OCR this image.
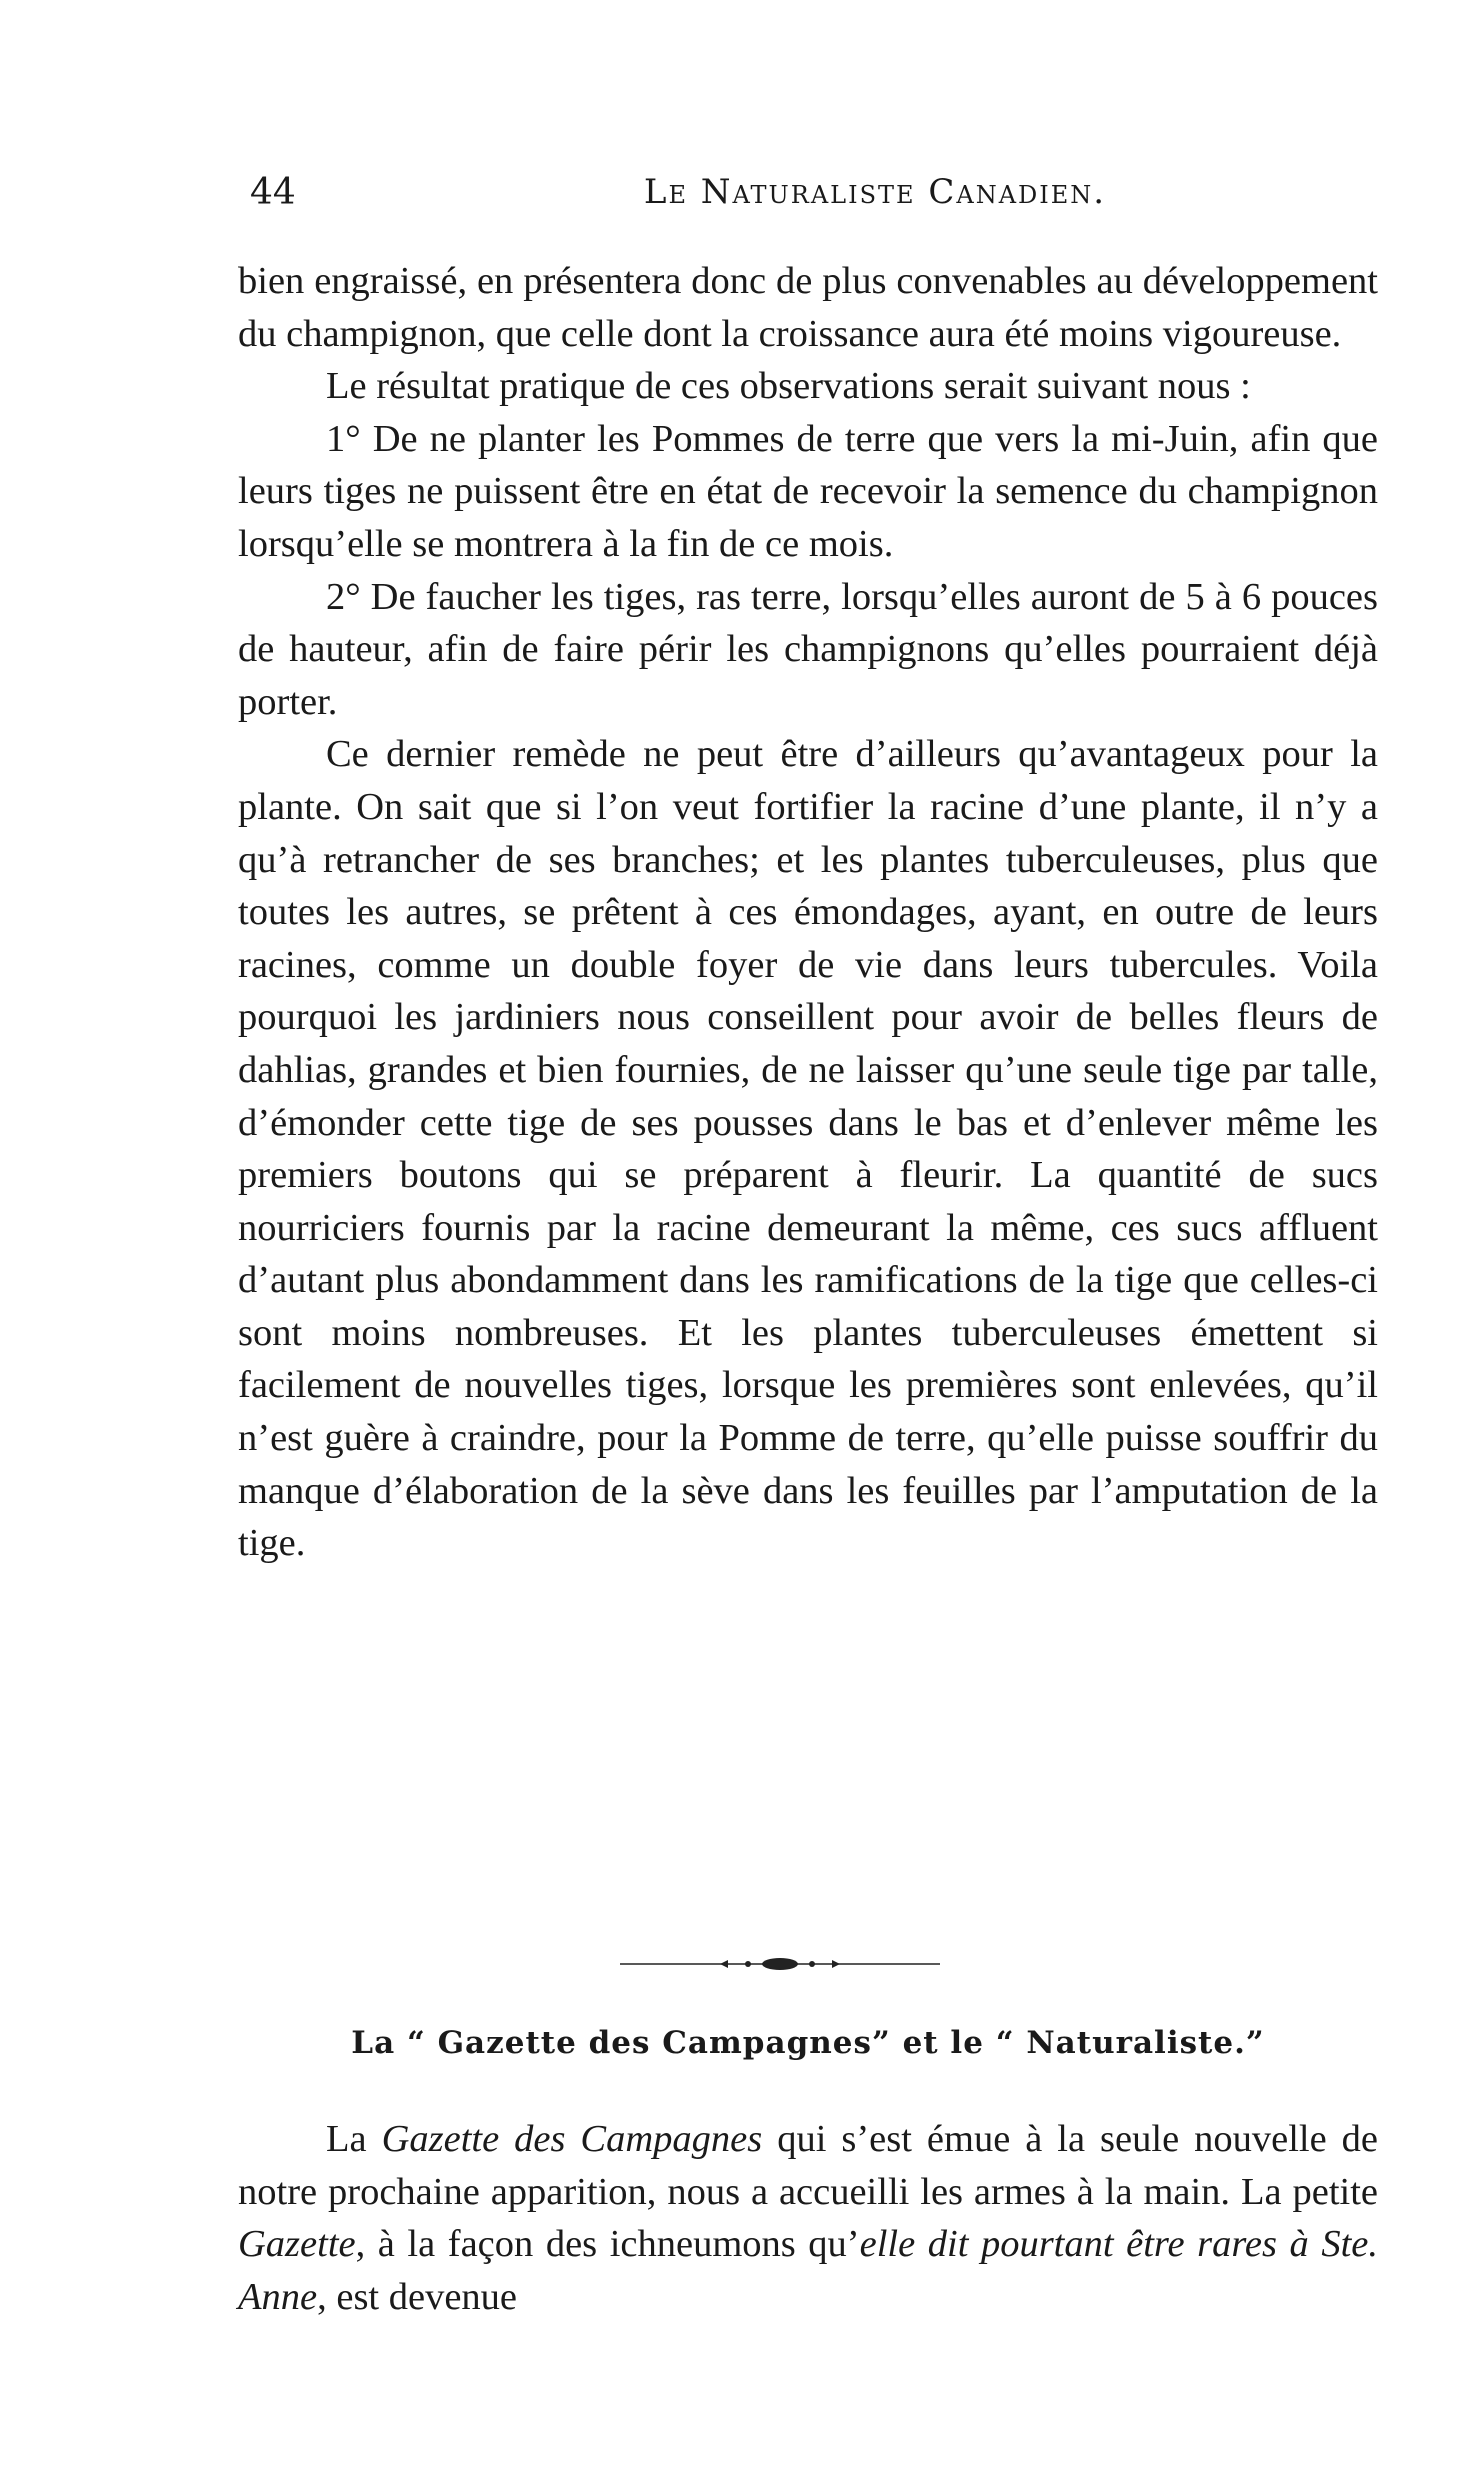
44	Le Naturaliste Canadien.

bien engraissé, en présentera donc de plus convenables au développement du champignon, que celle dont la croissance aura été moins vigoureuse.

Le résultat pratique de ces observations serait suivant nous :

1° De ne planter les Pommes de terre que vers la mi-Juin, afin que leurs tiges ne puissent être en état de recevoir la semence du champignon lorsqu’elle se montrera à la fin de ce mois.

2° De faucher les tiges, ras terre, lorsqu’elles auront de 5 à 6 pouces de hauteur, afin de faire périr les champignons qu’elles pourraient déjà porter.

Ce dernier remède ne peut être d’ailleurs qu’avantageux pour la plante. On sait que si l’on veut fortifier la racine d’une plante, il n’y a qu’à retrancher de ses branches; et les plantes tuberculeuses, plus que toutes les autres, se prêtent à ces émondages, ayant, en outre de leurs racines, comme un double foyer de vie dans leurs tubercules. Voila pourquoi les jardiniers nous conseillent pour avoir de belles fleurs de dahlias, grandes et bien fournies, de ne laisser qu’une seule tige par talle, d’émonder cette tige de ses pousses dans le bas et d’enlever même les premiers boutons qui se préparent à fleurir. La quantité de sucs nourriciers fournis par la racine demeurant la même, ces sucs affluent d’autant plus abondamment dans les ramifications de la tige que celles-ci sont moins nombreuses. Et les plantes tuberculeuses émettent si facilement de nouvelles tiges, lorsque les premières sont enlevées, qu’il n’est guère à craindre, pour la Pomme de terre, qu’elle puisse souffrir du manque d’élaboration de la sève dans les feuilles par l’amputation de la tige.

La “ Gazette des Campagnes” et le “ Naturaliste.”

La Gazette des Campagnes qui s’est émue à la seule nouvelle de notre prochaine apparition, nous a accueilli les armes à la main. La petite Gazette, à la façon des ichneumons qu’elle dit pourtant être rares à Ste. Anne, est devenue
